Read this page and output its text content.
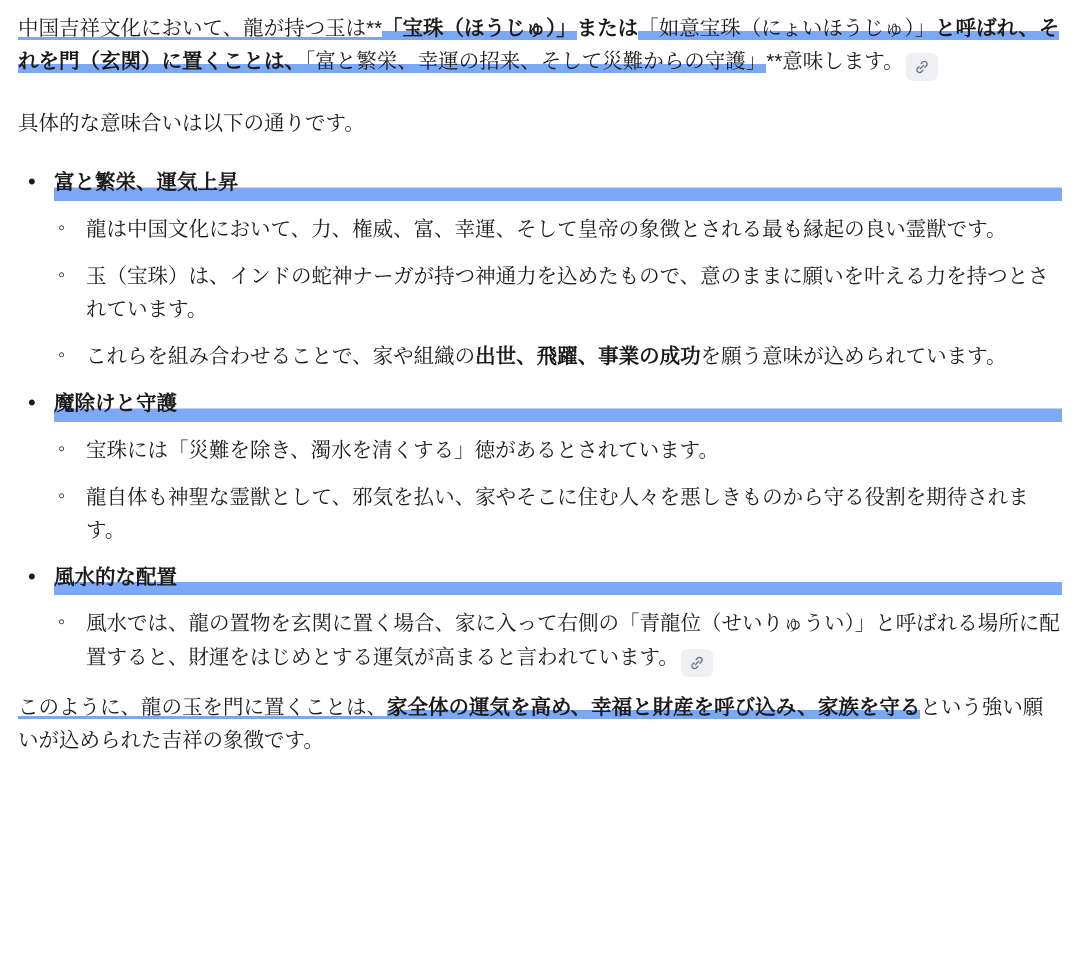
中国吉祥文化において、龍が持つ玉は**「宝珠（ほうじゅ）」または「如意宝珠（にょいほうじゅ）」と呼ばれ、それを門（玄関）に置くことは、「富と繁栄、幸運の招来、そして災難からの守護」**意味します。

具体的な意味合いは以下の通りです。

• 富と繁栄、運気上昇
◦ 龍は中国文化において、力、権威、富、幸運、そして皇帝の象徴とされる最も縁起の良い霊獣です。
◦ 玉（宝珠）は、インドの蛇神ナーガが持つ神通力を込めたもので、意のままに願いを叶える力を持つとされています。
◦ これらを組み合わせることで、家や組織の出世、飛躍、事業の成功を願う意味が込められています。
• 魔除けと守護
◦ 宝珠には「災難を除き、濁水を清くする」徳があるとされています。
◦ 龍自体も神聖な霊獣として、邪気を払い、家やそこに住む人々を悪しきものから守る役割を期待されます。
• 風水的な配置
◦ 風水では、龍の置物を玄関に置く場合、家に入って右側の「青龍位（せいりゅうい）」と呼ばれる場所に配置すると、財運をはじめとする運気が高まると言われています。

このように、龍の玉を門に置くことは、家全体の運気を高め、幸福と財産を呼び込み、家族を守るという強い願いが込められた吉祥の象徴です。
